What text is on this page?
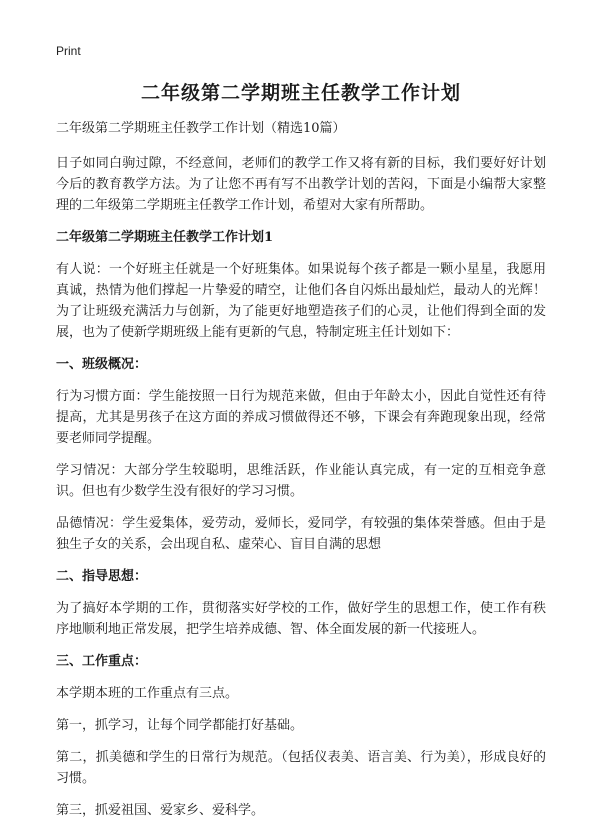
Print
二年级第二学期班主任教学工作计划

二年级第二学期班主任教学工作计划（精选10篇）

日子如同白驹过隙，不经意间，老师们的教学工作又将有新的目标，我们要好好计划今后的教育教学方法。为了让您不再有写不出教学计划的苦闷，下面是小编帮大家整理的二年级第二学期班主任教学工作计划，希望对大家有所帮助。

二年级第二学期班主任教学工作计划1

有人说：一个好班主任就是一个好班集体。如果说每个孩子都是一颗小星星，我愿用真诚，热情为他们撑起一片挚爱的晴空，让他们各自闪烁出最灿烂，最动人的光辉！为了让班级充满活力与创新，为了能更好地塑造孩子们的心灵，让他们得到全面的发展，也为了使新学期班级上能有更新的气息，特制定班主任计划如下：

一、班级概况：

行为习惯方面：学生能按照一日行为规范来做，但由于年龄太小，因此自觉性还有待提高，尤其是男孩子在这方面的养成习惯做得还不够，下课会有奔跑现象出现，经常要老师同学提醒。

学习情况：大部分学生较聪明，思维活跃，作业能认真完成，有一定的互相竞争意识。但也有少数学生没有很好的学习习惯。

品德情况：学生爱集体，爱劳动，爱师长，爱同学，有较强的集体荣誉感。但由于是独生子女的关系，会出现自私、虚荣心、盲目自满的思想

二、指导思想：

为了搞好本学期的工作，贯彻落实好学校的工作，做好学生的思想工作，使工作有秩序地顺利地正常发展，把学生培养成德、智、体全面发展的新一代接班人。

三、工作重点：

本学期本班的工作重点有三点。

第一，抓学习，让每个同学都能打好基础。

第二，抓美德和学生的日常行为规范。（包括仪表美、语言美、行为美），形成良好的习惯。

第三，抓爱祖国、爱家乡、爱科学。
